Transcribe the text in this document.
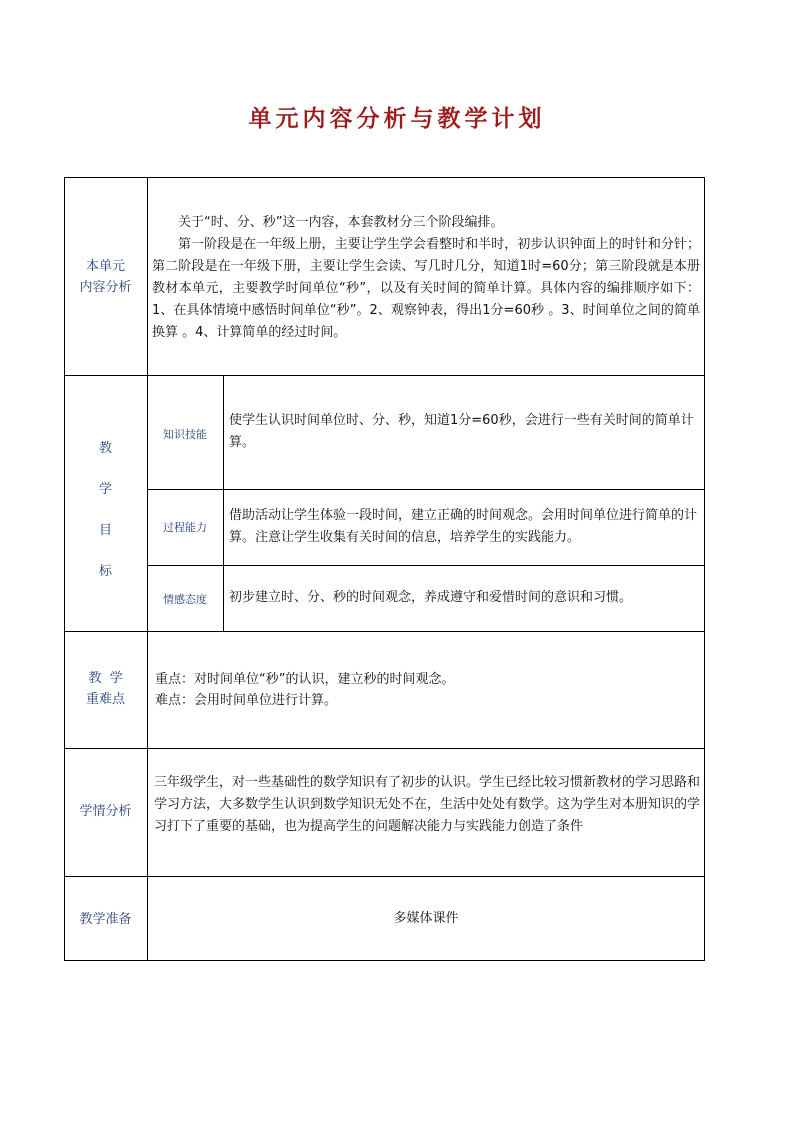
单元内容分析与教学计划
本单元
内容分析

关于“时、分、秒”这一内容，本套教材分三个阶段编排。

第一阶段是在一年级上册，主要让学生学会看整时和半时，初步认识钟面上的时针和分针；第二阶段是在一年级下册，主要让学生会读、写几时几分，知道1时=60分；第三阶段就是本册教材本单元，主要教学时间单位“秒”，以及有关时间的简单计算。具体内容的编排顺序如下：1、在具体情境中感悟时间单位“秒”。2、观察钟表，得出1分=60秒 。3、时间单位之间的简单换算 。4、计算简单的经过时间。

教
学
目
标
知识技能
使学生认识时间单位时、分、秒，知道1分=60秒，会进行一些有关时间的简单计算。
过程能力
借助活动让学生体验一段时间，建立正确的时间观念。会用时间单位进行简单的计算。注意让学生收集有关时间的信息，培养学生的实践能力。
情感态度	初步建立时、分、秒的时间观念，养成遵守和爱惜时间的意识和习惯。
教  学
重难点
重点：对时间单位“秒”的认识，建立秒的时间观念。
难点：会用时间单位进行计算。
学情分析
三年级学生，对一些基础性的数学知识有了初步的认识。学生已经比较习惯新教材的学习思路和学习方法，大多数学生认识到数学知识无处不在，生活中处处有数学。这为学生对本册知识的学习打下了重要的基础，也为提高学生的问题解决能力与实践能力创造了条件
教学准备	多媒体课件
